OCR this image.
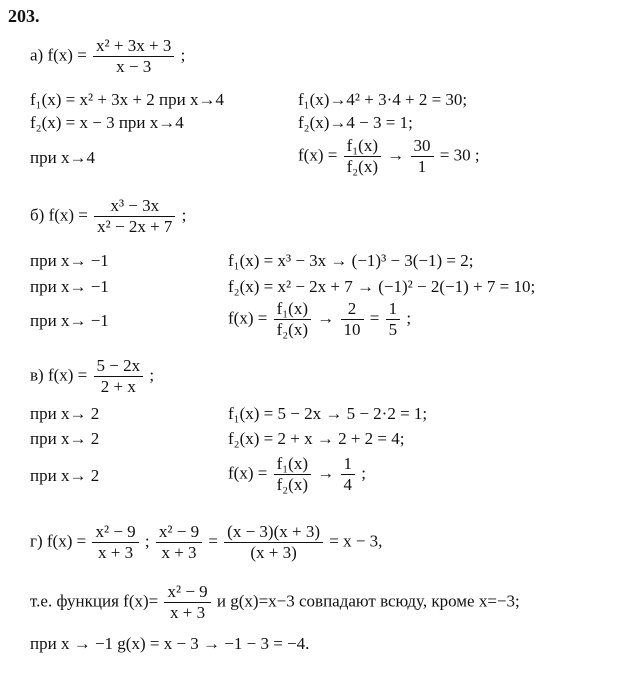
203.
а) $f(x) = \frac{\text{x² + 3x + 3}}{x - 3}$ ;
f₁(x) = x² + 3x + 2 при x→4	f₁(x)→4² + 3·4 + 2 = 30;
f₂(x) = x − 3 при x→4	f₂(x)→4 − 3 = 1;
при x→4	$f(x) = \frac{\text{f₁(x)}}{\text{f₂(x)}} \to \frac{30}{1} = 30$ ;
б) $f(x) = \frac{\text{x³ − 3x}}{\text{x² − 2x + 7}}$ ;
при x→ −1	f₁(x) = x³ − 3x → (−1)³ − 3(−1) = 2;
при x→ −1	f₂(x) = x² − 2x + 7 → (−1)² − 2(−1) + 7 = 10;
при x→ −1	$f(x) = \frac{\text{f₁(x)}}{\text{f₂(x)}} \to \frac{2}{10} = \frac{1}{5}$ ;
в) $f(x) = \frac{5 - 2x}{2 + x}$ ;
при x→ 2	f₁(x) = 5 − 2x → 5 − 2·2 = 1;
при x→ 2	f₂(x) = 2 + x → 2 + 2 = 4;
при x→ 2	$f(x) = \frac{\text{f₁(x)}}{\text{f₂(x)}} \to \frac{1}{4}$ ;
г) $f(x) = \frac{\text{x² − 9}}{x + 3}$ ; $\frac{\text{x² − 9}}{x + 3} = \frac{(x - 3)(x + 3)}{(x + 3)} = x - 3$,
т.е. функция $f(x)= \frac{\text{x² − 9}}{x + 3}$ и g(x)=x−3 совпадают всюду, кроме x=−3;
при x → −1 g(x) = x − 3 → −1 − 3 = −4.
